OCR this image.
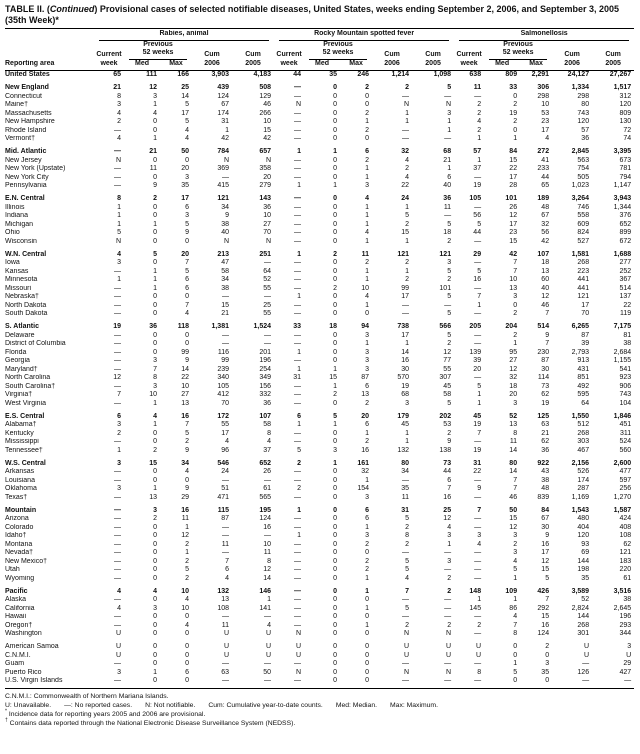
TABLE II. (Continued) Provisional cases of selected notifiable diseases, United States, weeks ending September 2, 2006, and September 3, 2005 (35th Week)*

	Rabies, animal					Rocky Mountain spotted fever					Salmonellosis				

		Previous					Previous					Previous			
	Current	52 weeks		Cum	Cum	Current	52 weeks		Cum	Cum	Current	52 weeks		Cum	Cum
Reporting area	week	Med	Max	2006	2005	week	Med	Max	2006	2005	week	Med	Max	2006	2005
United States	65	111	166	3,903	4,183	44	35	246	1,214	1,098	638	809	2,291	24,127	27,267
New England	21	12	25	439	508	—	0	2	2	5	11	33	306	1,334	1,517
Connecticut	8	3	14	124	129	—	0	0	—	—	—	0	298	298	312
Maine†	3	1	5	67	46	N	0	0	N	N	2	2	10	80	120
Massachusetts	4	4	17	174	266	—	0	2	1	3	2	19	53	743	809
New Hampshire	2	0	5	31	10	—	0	1	1	1	4	2	23	120	130
Rhode Island	—	0	4	1	15	—	0	2	—	1	2	0	17	57	72
Vermont†	4	1	4	42	42	—	0	0	—	—	1	1	4	36	74
Mid. Atlantic	—	21	50	784	657	1	1	6	32	68	57	84	272	2,845	3,395
New Jersey	N	0	0	N	N	—	0	2	4	21	1	15	41	563	673
New York (Upstate)	—	11	20	369	358	—	0	1	2	1	37	22	233	754	781
New York City	—	0	3	—	20	—	0	1	4	6	—	17	44	505	794
Pennsylvania	—	9	35	415	279	1	1	3	22	40	19	28	65	1,023	1,147
E.N. Central	8	2	17	121	143	—	0	4	24	36	105	101	189	3,264	3,943
Illinois	1	0	6	34	36	—	0	1	1	11	—	26	48	746	1,344
Indiana	1	0	3	9	10	—	0	1	5	—	56	12	67	558	376
Michigan	1	1	5	38	27	—	0	1	2	5	5	17	32	609	652
Ohio	5	0	9	40	70	—	0	4	15	18	44	23	56	824	899
Wisconsin	N	0	0	N	N	—	0	1	1	2	—	15	42	527	672
W.N. Central	4	5	20	213	251	1	2	11	121	121	29	42	107	1,581	1,688
Iowa	3	0	7	47	—	—	0	2	2	3	—	7	18	268	277
Kansas	—	1	5	58	64	—	0	1	1	5	5	7	13	223	252
Minnesota	1	1	6	34	52	—	0	1	2	2	16	10	60	441	367
Missouri	—	1	6	38	55	—	2	10	99	101	—	13	40	441	514
Nebraska†	—	0	0	—	—	1	0	4	17	5	7	3	12	121	137
North Dakota	—	0	7	15	25	—	0	1	—	—	1	0	46	17	22
South Dakota	—	0	4	21	55	—	0	0	—	5	—	2	7	70	119
S. Atlantic	19	36	118	1,381	1,524	33	18	94	738	566	205	204	514	6,265	7,175
Delaware	—	0	0	—	—	—	0	3	17	5	—	2	9	87	81
District of Columbia	—	0	0	—	—	—	0	1	1	2	—	1	7	39	38
Florida	—	0	99	116	201	1	0	3	14	12	139	95	230	2,793	2,684
Georgia	—	3	9	99	196	—	0	3	16	77	39	27	87	913	1,155
Maryland†	—	7	14	239	254	1	1	3	30	55	20	12	30	431	541
North Carolina	12	8	22	340	349	31	15	87	570	307	—	32	114	851	923
South Carolina†	—	3	10	105	156	—	1	6	19	45	5	18	73	492	906
Virginia†	7	10	27	412	332	—	2	13	68	58	1	20	62	595	743
West Virginia	—	1	13	70	36	—	0	2	3	5	1	3	19	64	104
E.S. Central	6	4	16	172	107	6	5	20	179	202	45	52	125	1,550	1,846
Alabama†	3	1	7	55	58	1	1	6	45	53	19	13	63	512	451
Kentucky	2	0	5	17	8	—	0	1	1	2	7	8	21	268	311
Mississippi	—	0	2	4	4	—	0	2	1	9	—	11	62	303	524
Tennessee†	1	2	9	96	37	5	3	16	132	138	19	14	36	467	560
W.S. Central	3	15	34	546	652	2	1	161	80	73	31	80	922	2,156	2,600
Arkansas	—	0	4	24	26	—	0	32	34	44	22	14	43	526	477
Louisiana	—	0	0	—	—	—	0	1	—	6	—	7	38	174	597
Oklahoma	3	1	9	51	61	2	0	154	35	7	9	7	48	287	256
Texas†	—	13	29	471	565	—	0	3	11	16	—	46	839	1,169	1,270
Mountain	—	3	16	115	195	1	0	6	31	25	7	50	84	1,543	1,587
Arizona	—	2	11	87	124	—	0	6	5	12	—	15	67	480	424
Colorado	—	0	1	—	16	—	0	1	2	4	—	12	30	404	408
Idaho†	—	0	12	—	—	1	0	3	8	3	3	3	9	120	108
Montana	—	0	2	11	10	—	0	2	2	1	4	2	16	93	62
Nevada†	—	0	1	—	11	—	0	0	—	—	—	3	17	69	121
New Mexico†	—	0	2	7	8	—	0	2	5	3	—	4	12	144	183
Utah	—	0	5	6	12	—	0	2	5	—	—	5	15	198	220
Wyoming	—	0	2	4	14	—	0	1	4	2	—	1	5	35	61
Pacific	4	4	10	132	146	—	0	1	7	2	148	109	426	3,589	3,516
Alaska	—	0	4	13	1	—	0	0	—	—	1	1	7	52	38
California	4	3	10	108	141	—	0	1	5	—	145	86	292	2,824	2,645
Hawaii	—	0	0	—	—	—	0	0	—	—	—	4	15	144	196
Oregon†	—	0	4	11	4	—	0	1	2	2	2	7	16	268	293
Washington	U	0	0	U	U	N	0	0	N	N	—	8	124	301	344
American Samoa	U	0	0	U	U	U	0	0	U	U	U	0	2	U	3
C.N.M.I.	U	0	0	U	U	U	0	0	U	U	U	0	0	U	U
Guam	—	0	0	—	—	—	0	0	—	—	—	1	3	—	29
Puerto Rico	3	1	6	63	50	N	0	0	N	N	8	5	35	126	427
U.S. Virgin Islands	—	0	0	—	—	—	0	0	—	—	—	0	0	—	—
C.N.M.I.: Commonwealth of Northern Mariana Islands.
U: Unavailable. —: No reported cases. N: Not notifiable. Cum: Cumulative year-to-date counts. Med: Median. Max: Maximum.
* Incidence data for reporting years 2005 and 2006 are provisional.
† Contains data reported through the National Electronic Disease Surveillance System (NEDSS).
